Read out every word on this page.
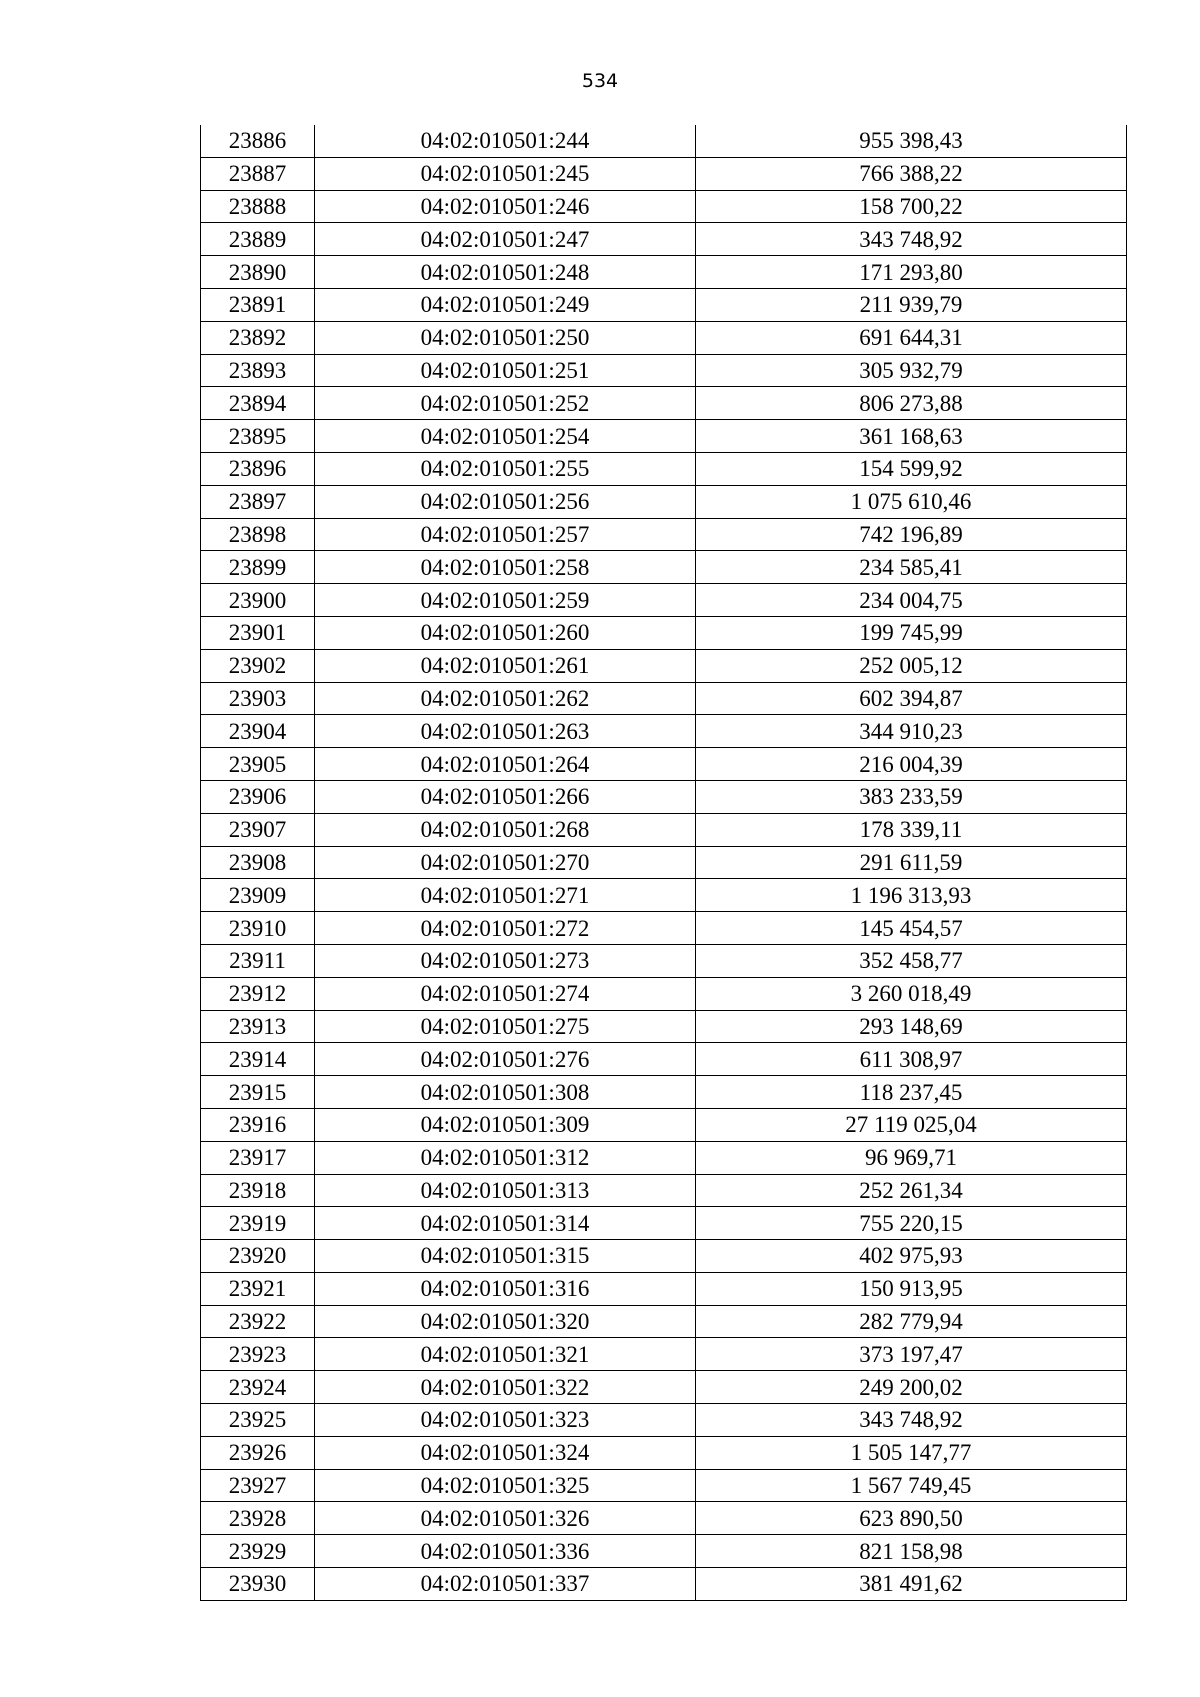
534
23886	04:02:010501:244	955 398,43
23887	04:02:010501:245	766 388,22
23888	04:02:010501:246	158 700,22
23889	04:02:010501:247	343 748,92
23890	04:02:010501:248	171 293,80
23891	04:02:010501:249	211 939,79
23892	04:02:010501:250	691 644,31
23893	04:02:010501:251	305 932,79
23894	04:02:010501:252	806 273,88
23895	04:02:010501:254	361 168,63
23896	04:02:010501:255	154 599,92
23897	04:02:010501:256	1 075 610,46
23898	04:02:010501:257	742 196,89
23899	04:02:010501:258	234 585,41
23900	04:02:010501:259	234 004,75
23901	04:02:010501:260	199 745,99
23902	04:02:010501:261	252 005,12
23903	04:02:010501:262	602 394,87
23904	04:02:010501:263	344 910,23
23905	04:02:010501:264	216 004,39
23906	04:02:010501:266	383 233,59
23907	04:02:010501:268	178 339,11
23908	04:02:010501:270	291 611,59
23909	04:02:010501:271	1 196 313,93
23910	04:02:010501:272	145 454,57
23911	04:02:010501:273	352 458,77
23912	04:02:010501:274	3 260 018,49
23913	04:02:010501:275	293 148,69
23914	04:02:010501:276	611 308,97
23915	04:02:010501:308	118 237,45
23916	04:02:010501:309	27 119 025,04
23917	04:02:010501:312	96 969,71
23918	04:02:010501:313	252 261,34
23919	04:02:010501:314	755 220,15
23920	04:02:010501:315	402 975,93
23921	04:02:010501:316	150 913,95
23922	04:02:010501:320	282 779,94
23923	04:02:010501:321	373 197,47
23924	04:02:010501:322	249 200,02
23925	04:02:010501:323	343 748,92
23926	04:02:010501:324	1 505 147,77
23927	04:02:010501:325	1 567 749,45
23928	04:02:010501:326	623 890,50
23929	04:02:010501:336	821 158,98
23930	04:02:010501:337	381 491,62
